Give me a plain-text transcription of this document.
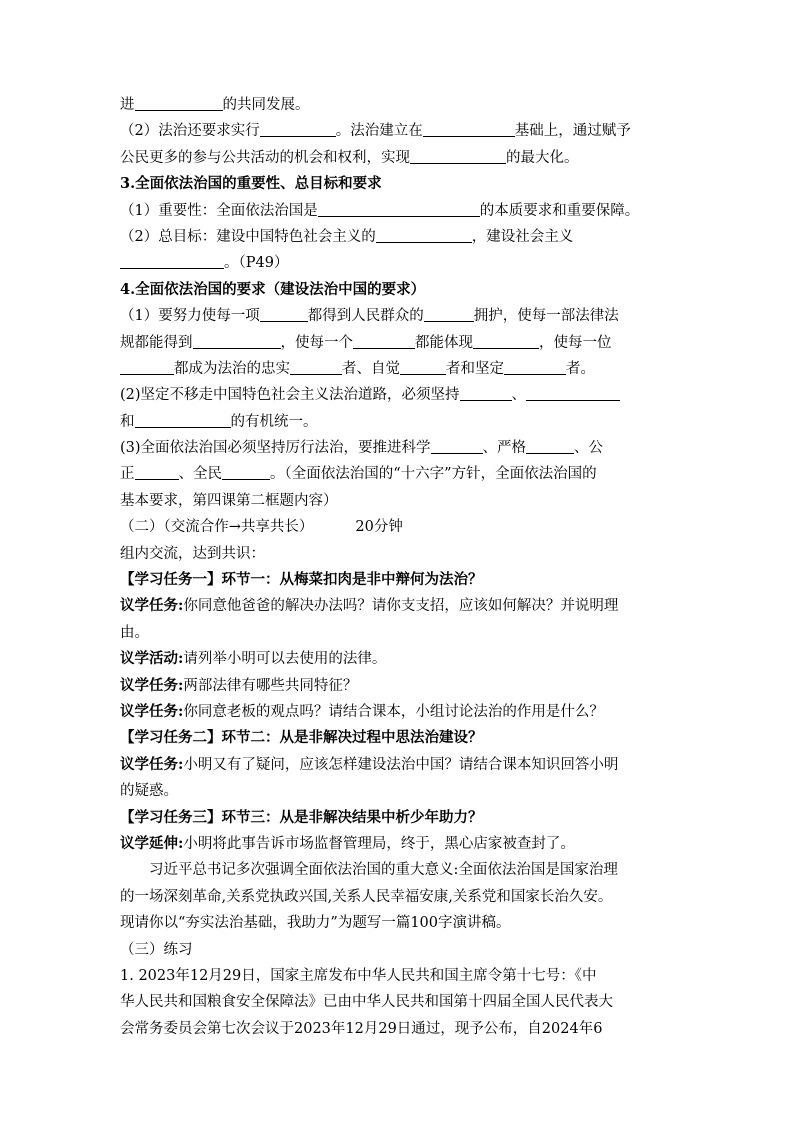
进	的共同发展。
（2）法治还要求实行	。法治建立在	基础上，通过赋予
公民更多的参与公共活动的机会和权利，实现	的最大化。
3.全面依法治国的重要性、总目标和要求
（1）重要性：全面依法治国是	的本质要求和重要保障。
（2）总目标：建设中国特色社会主义的	，建设社会主义
。（P49）
4.全面依法治国的要求（建设法治中国的要求）
（1）要努力使每一项	都得到人民群众的	拥护，使每一部法律法
规都能得到	，使每一个	都能体现	，使每一位
都成为法治的忠实	者、自觉	者和坚定	者。
(2)坚定不移走中国特色社会主义法治道路，必须坚持	、
和	的有机统一。
(3)全面依法治国必须坚持厉行法治，要推进科学	、严格	、公
正	、全民	。（全面依法治国的“十六字”方针，全面依法治国的
基本要求，第四课第二框题内容）
（二）（交流合作→共享共长）	20分钟
组内交流，达到共识：
【学习任务一】环节一：从梅菜扣肉是非中辩何为法治？
议学任务:你同意他爸爸的解决办法吗？请你支支招，应该如何解决？并说明理
由。
议学活动:请列举小明可以去使用的法律。
议学任务:两部法律有哪些共同特征？
议学任务:你同意老板的观点吗？请结合课本，小组讨论法治的作用是什么？
【学习任务二】环节二：从是非解决过程中思法治建设？
议学任务:小明又有了疑问，应该怎样建设法治中国？请结合课本知识回答小明
的疑惑。
【学习任务三】环节三：从是非解决结果中析少年助力？
议学延伸:小明将此事告诉市场监督管理局，终于，黑心店家被查封了。
习近平总书记多次强调全面依法治国的重大意义:全面依法治国是国家治理
的一场深刻革命,关系党执政兴国,关系人民幸福安康,关系党和国家长治久安。
现请你以“夯实法治基础，我助力”为题写一篇100字演讲稿。
（三）练习
1. 2023年12月29日，国家主席发布中华人民共和国主席令第十七号：《中
华人民共和国粮食安全保障法》已由中华人民共和国第十四届全国人民代表大
会常务委员会第七次会议于2023年12月29日通过，现予公布，自2024年6
